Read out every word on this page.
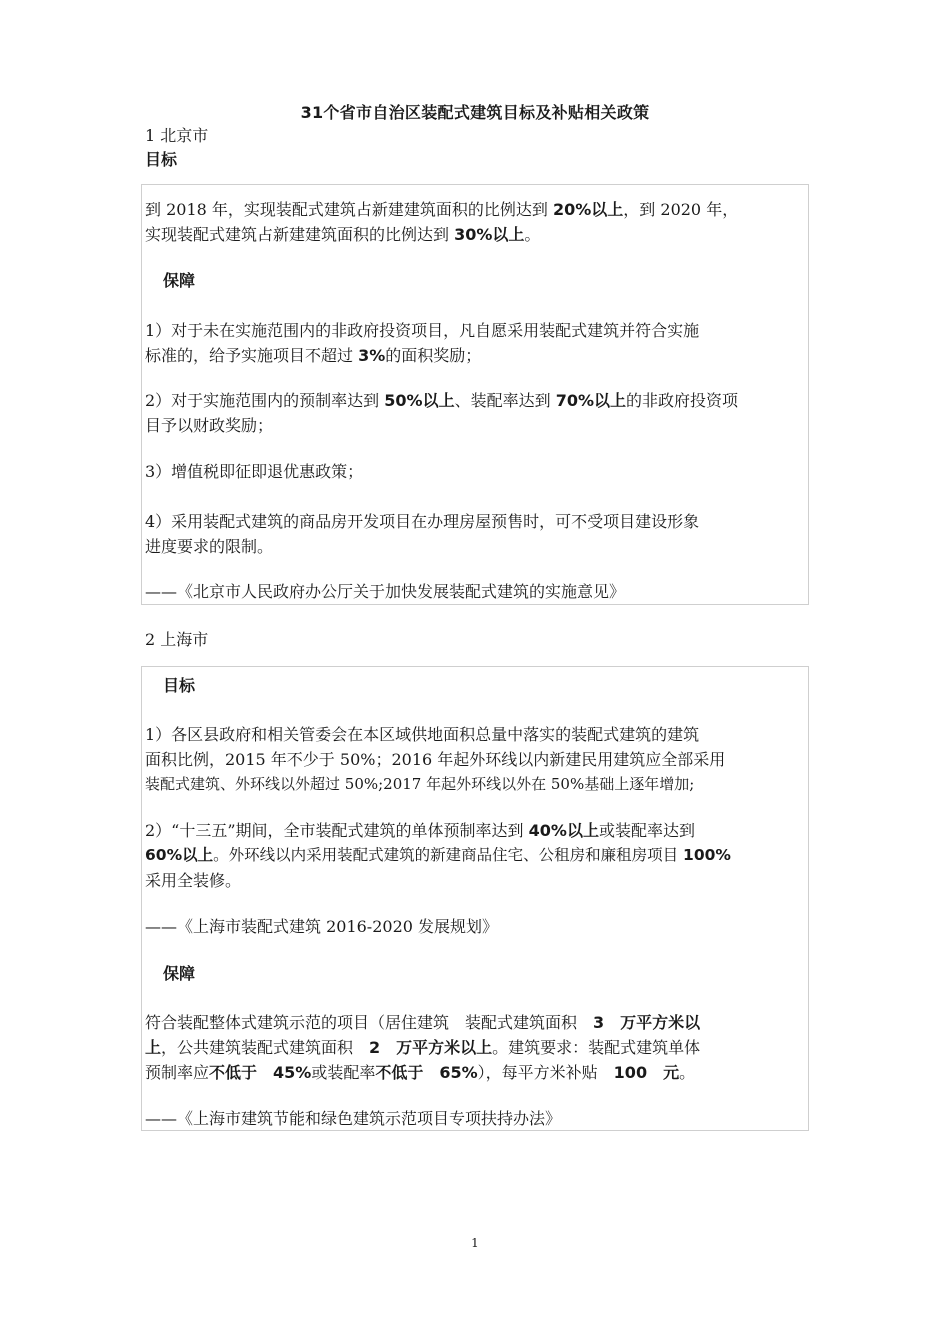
31个省市自治区装配式建筑目标及补贴相关政策
1 北京市
目标

到 2018 年，实现装配式建筑占新建建筑面积的比例达到 20%以上，到 2020 年，
实现装配式建筑占新建建筑面积的比例达到 30%以上。

保障

1）对于未在实施范围内的非政府投资项目，凡自愿采用装配式建筑并符合实施
标准的，给予实施项目不超过 3%的面积奖励；

2）对于实施范围内的预制率达到 50%以上、装配率达到 70%以上的非政府投资项
目予以财政奖励；

3）增值税即征即退优惠政策；

4）采用装配式建筑的商品房开发项目在办理房屋预售时，可不受项目建设形象
进度要求的限制。

——《北京市人民政府办公厅关于加快发展装配式建筑的实施意见》

2 上海市
目标

1）各区县政府和相关管委会在本区域供地面积总量中落实的装配式建筑的建筑
面积比例，2015 年不少于 50%；2016 年起外环线以内新建民用建筑应全部采用
装配式建筑、外环线以外超过 50%;2017 年起外环线以外在 50%基础上逐年增加;

2）“十三五”期间，全市装配式建筑的单体预制率达到 40%以上或装配率达到
60%以上。外环线以内采用装配式建筑的新建商品住宅、公租房和廉租房项目 100%
采用全装修。

——《上海市装配式建筑 2016-2020 发展规划》

保障

符合装配整体式建筑示范的项目（居住建筑　装配式建筑面积　3　万平方米以
上，公共建筑装配式建筑面积　2　万平方米以上。建筑要求：装配式建筑单体
预制率应不低于　45%或装配率不低于　65%），每平方米补贴　100　元。

——《上海市建筑节能和绿色建筑示范项目专项扶持办法》

1
